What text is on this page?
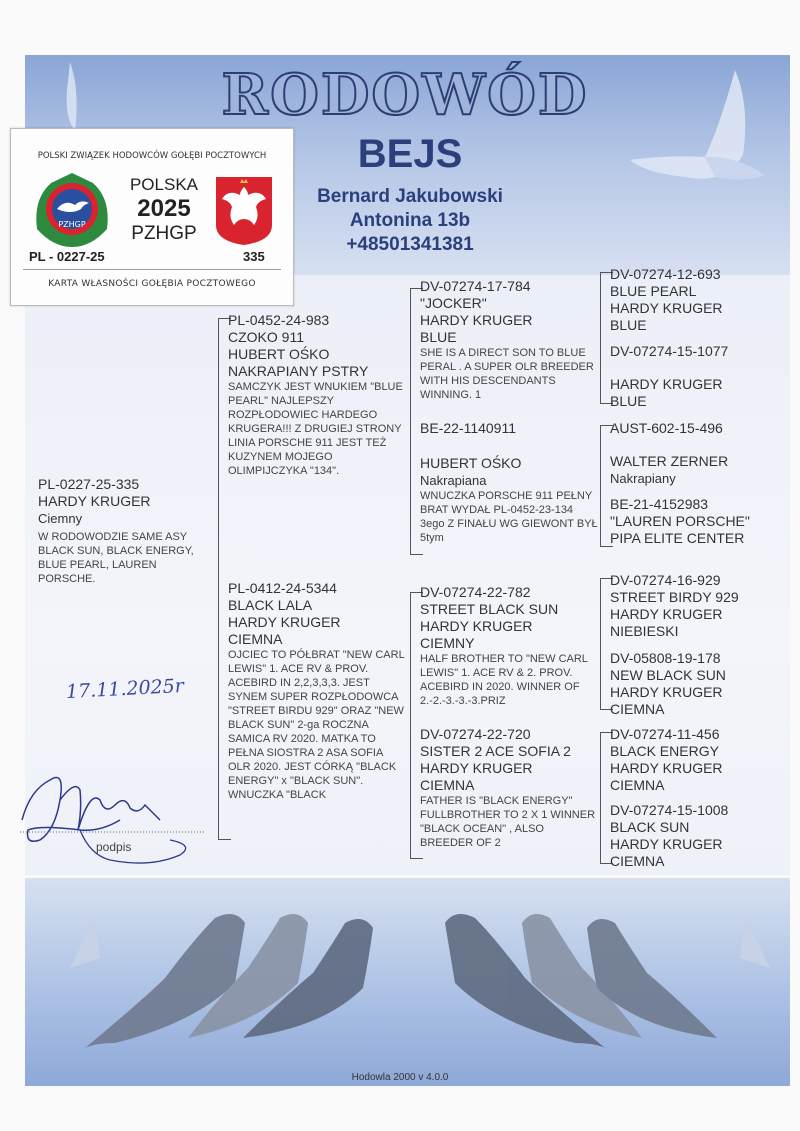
RODOWÓD
BEJS
Bernard Jakubowski
Antonina 13b
+48501341381
POLSKI ZWIĄZEK HODOWCÓW GOŁĘBI POCZTOWYCH
PZHGP
POLSKA
2025
PZHGP
PL - 0227-25	335
KARTA WŁASNOŚCI GOŁĘBIA POCZTOWEGO
PL-0227-25-335
HARDY KRUGER
Ciemny
W RODOWODZIE SAME ASY BLACK SUN, BLACK ENERGY, BLUE PEARL, LAUREN PORSCHE.
PL-0452-24-983
CZOKO 911
HUBERT OŚKO
NAKRAPIANY PSTRY
SAMCZYK JEST WNUKIEM "BLUE PEARL" NAJLEPSZY ROZPŁODOWIEC HARDEGO KRUGERA!!! Z DRUGIEJ STRONY LINIA PORSCHE 911 JEST TEŻ KUZYNEM MOJEGO OLIMPIJCZYKA "134".
PL-0412-24-5344
BLACK LALA
HARDY KRUGER
CIEMNA
OJCIEC TO PÓŁBRAT "NEW CARL LEWIS" 1. ACE RV & PROV. ACEBIRD IN 2,2,3,3,3. JEST SYNEM SUPER ROZPŁODOWCA "STREET BIRDU 929" ORAZ "NEW BLACK SUN" 2-ga ROCZNA SAMICA RV 2020. MATKA TO PEŁNA SIOSTRA 2 ASA SOFIA OLR 2020. JEST CÓRKĄ "BLACK ENERGY" x "BLACK SUN". WNUCZKA "BLACK
DV-07274-17-784
"JOCKER"
HARDY KRUGER
BLUE
SHE IS A DIRECT SON TO BLUE PERAL . A SUPER OLR BREEDER WITH HIS DESCENDANTS WINNING. 1
BE-22-1140911
HUBERT OŚKO
Nakrapiana
WNUCZKA PORSCHE 911 PEŁNY BRAT WYDAŁ PL-0452-23-134 3ego Z FINAŁU WG GIEWONT BYŁ 5tym
DV-07274-22-782
STREET BLACK SUN
HARDY KRUGER
CIEMNY
HALF BROTHER TO "NEW CARL LEWIS" 1. ACE RV & 2. PROV. ACEBIRD IN 2020. WINNER OF 2.-2.-3.-3.-3.PRIZ
DV-07274-22-720
SISTER 2 ACE SOFIA 2
HARDY KRUGER
CIEMNA
FATHER IS "BLACK ENERGY" FULLBROTHER TO 2 X 1 WINNER "BLACK OCEAN" , ALSO BREEDER OF 2
DV-07274-12-693
BLUE PEARL
HARDY KRUGER
BLUE
DV-07274-15-1077
HARDY KRUGER
BLUE
AUST-602-15-496
WALTER ZERNER
Nakrapiany
BE-21-4152983
"LAUREN PORSCHE"
PIPA ELITE CENTER
DV-07274-16-929
STREET BIRDY 929
HARDY KRUGER
NIEBIESKI
DV-05808-19-178
NEW BLACK SUN
HARDY KRUGER
CIEMNA
DV-07274-11-456
BLACK ENERGY
HARDY KRUGER
CIEMNA
DV-07274-15-1008
BLACK SUN
HARDY KRUGER
CIEMNA
17.11.2025r
podpis
Hodowla 2000 v 4.0.0
